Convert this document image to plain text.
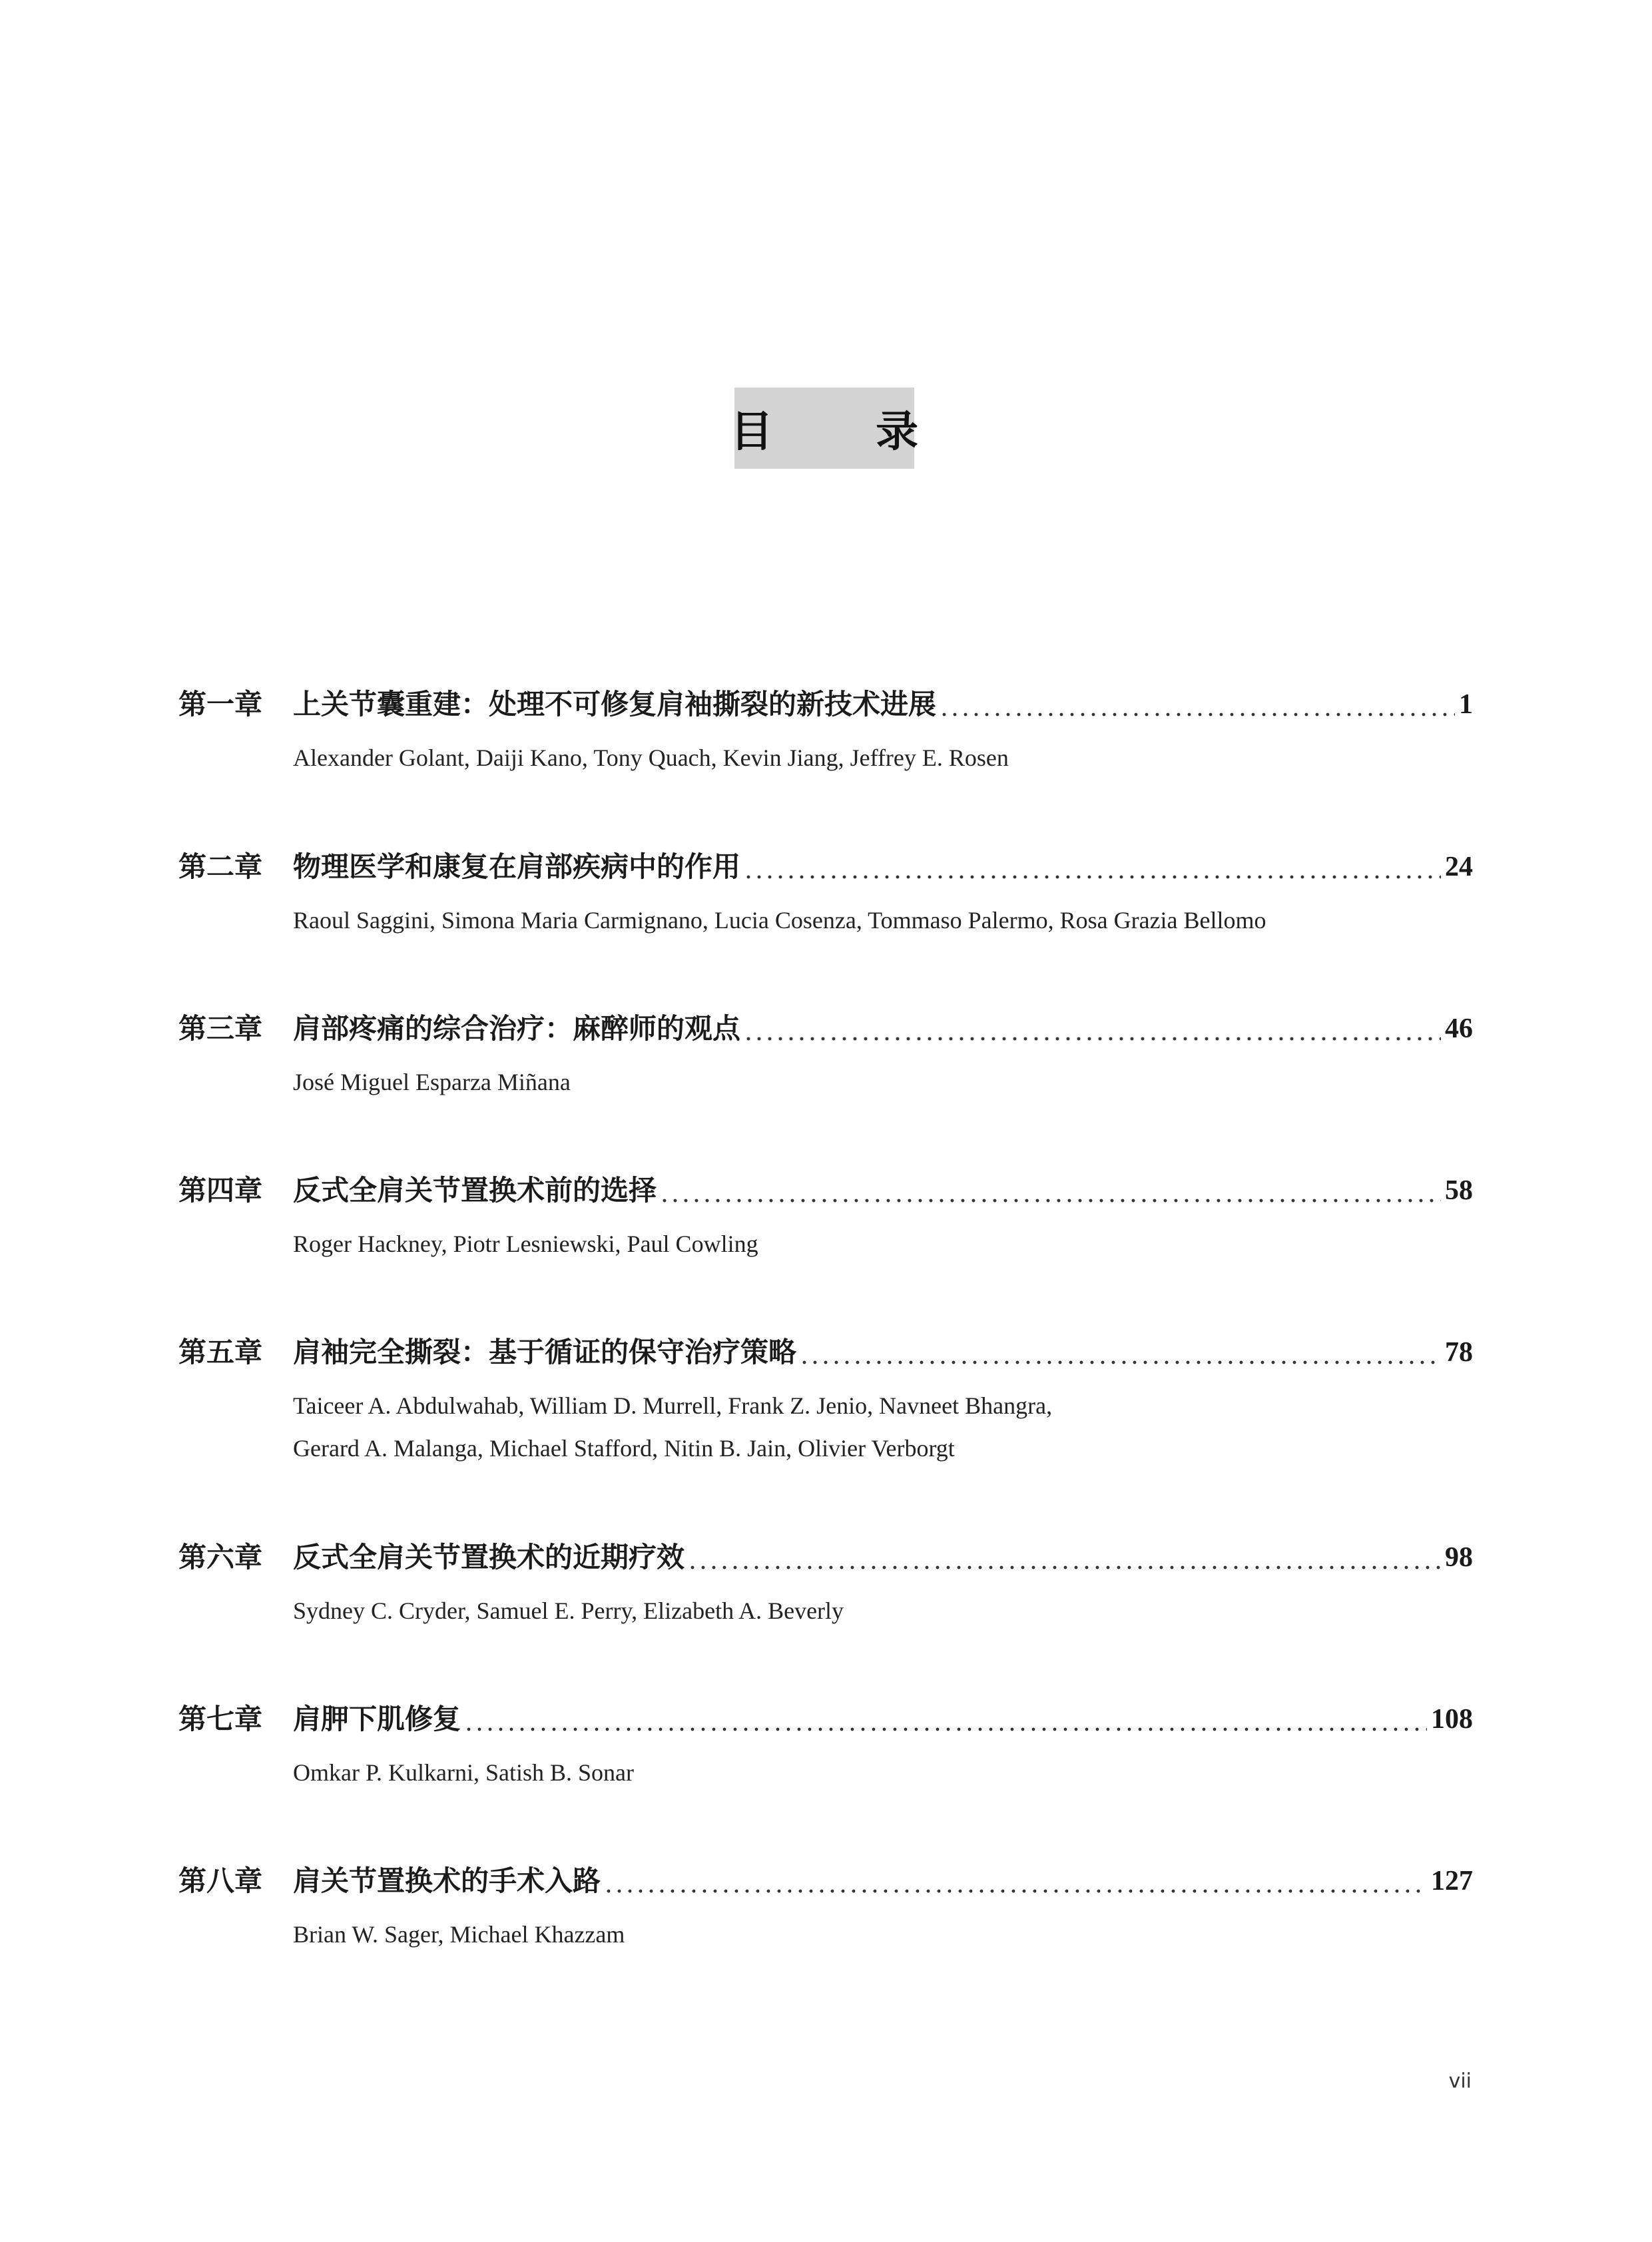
目 录
第一章	上关节囊重建：处理不可修复肩袖撕裂的新技术进展	1
Alexander Golant, Daiji Kano, Tony Quach, Kevin Jiang, Jeffrey E. Rosen
第二章	物理医学和康复在肩部疾病中的作用	24
Raoul Saggini, Simona Maria Carmignano, Lucia Cosenza, Tommaso Palermo, Rosa Grazia Bellomo
第三章	肩部疼痛的综合治疗：麻醉师的观点	46
José Miguel Esparza Miñana
第四章	反式全肩关节置换术前的选择	58
Roger Hackney, Piotr Lesniewski, Paul Cowling
第五章	肩袖完全撕裂：基于循证的保守治疗策略	78
Taiceer A. Abdulwahab, William D. Murrell, Frank Z. Jenio, Navneet Bhangra,
Gerard A. Malanga, Michael Stafford, Nitin B. Jain, Olivier Verborgt
第六章	反式全肩关节置换术的近期疗效	98
Sydney C. Cryder, Samuel E. Perry, Elizabeth A. Beverly
第七章	肩胛下肌修复	108
Omkar P. Kulkarni, Satish B. Sonar
第八章	肩关节置换术的手术入路	127
Brian W. Sager, Michael Khazzam
vii
